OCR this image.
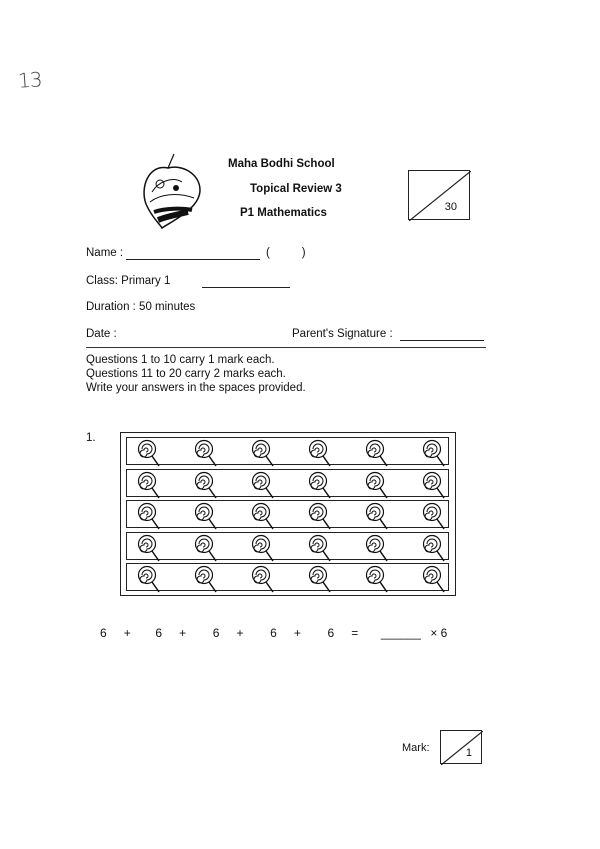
13
Maha Bodhi School
Topical Review 3
P1 Mathematics	30
Name :	(          )
Class: Primary 1
Duration : 50 minutes
Date :	Parent's Signature :
Questions 1 to 10 carry 1 mark each.
Questions 11 to 20 carry 2 marks each.
Write your answers in the spaces provided.
1.
6	+	6	+	6	+	6	+	6	=	______ × 6
Mark:	1
